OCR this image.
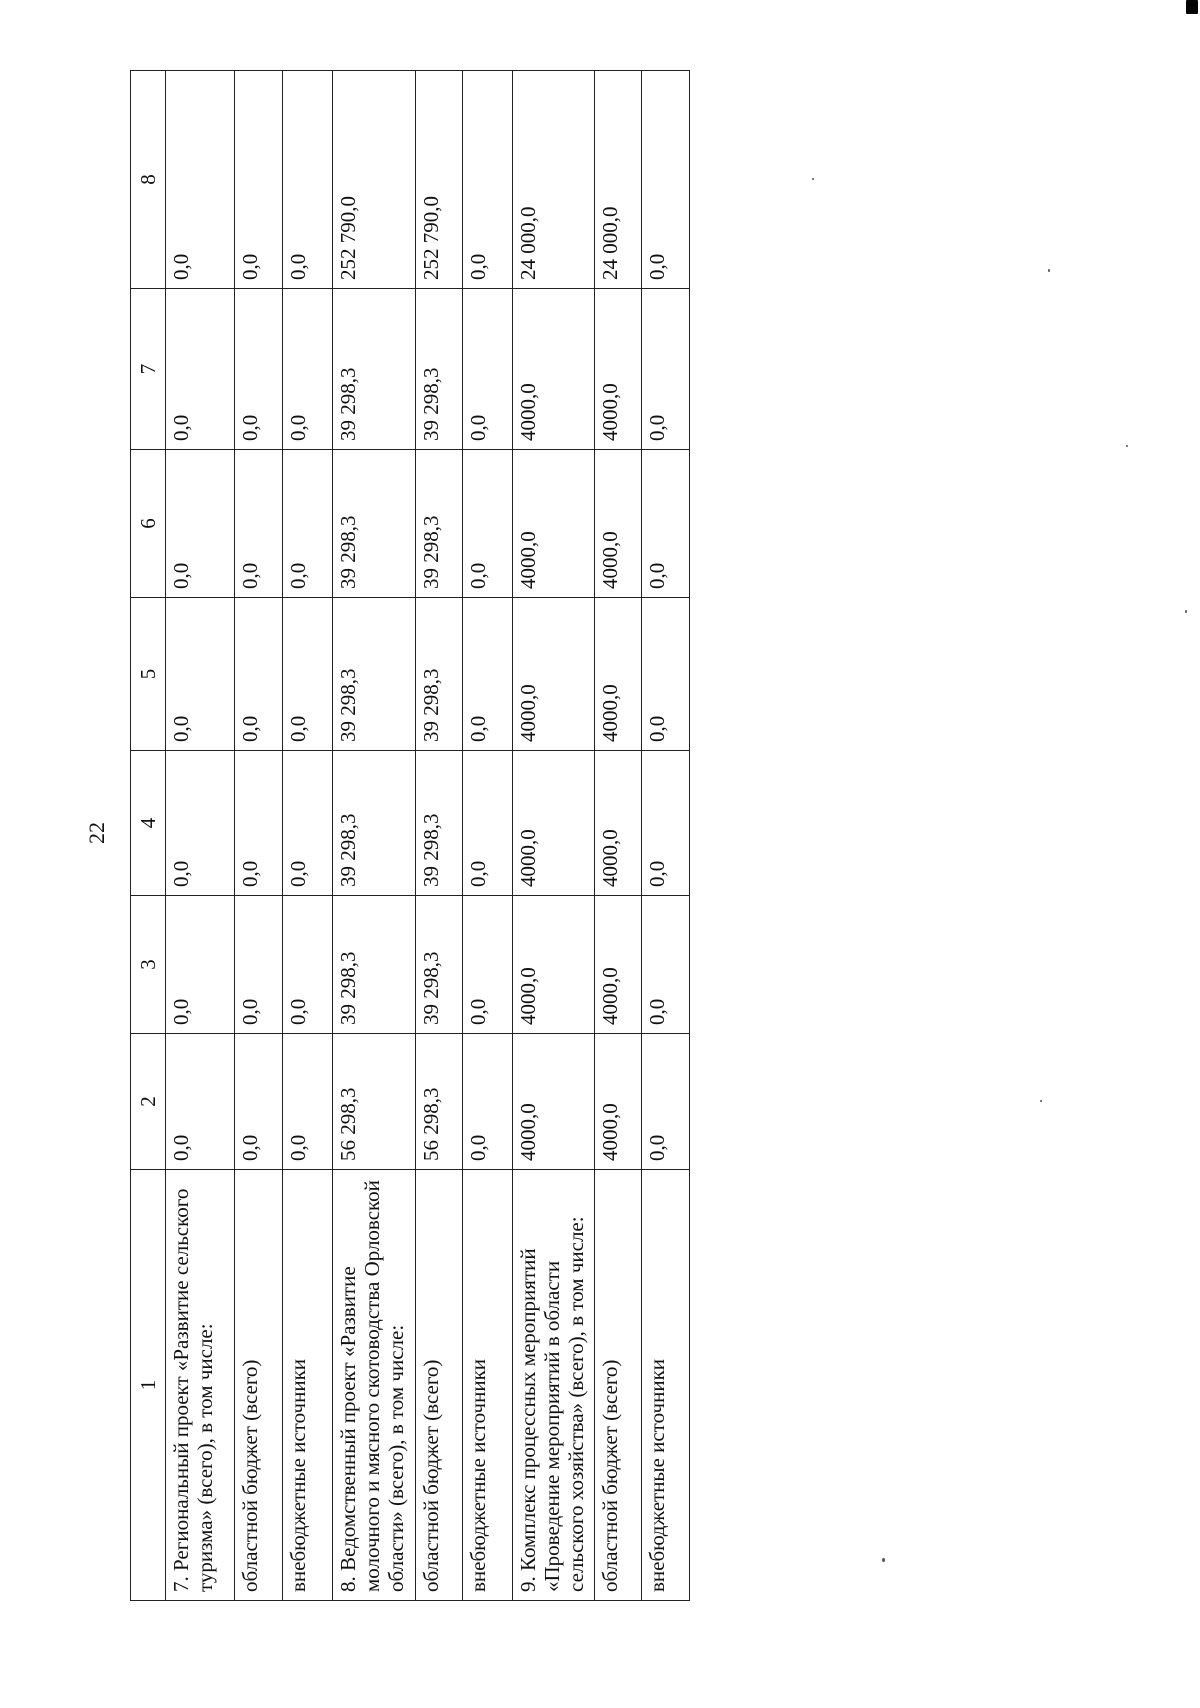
22
1	2	3	4	5	6	7	8
7. Региональный проект «Развитие сельского туризма» (всего), в том числе:	0,0	0,0	0,0	0,0	0,0	0,0	0,0
областной бюджет (всего)	0,0	0,0	0,0	0,0	0,0	0,0	0,0
внебюджетные источники	0,0	0,0	0,0	0,0	0,0	0,0	0,0
8. Ведомственный проект «Развитие молочного и мясного скотоводства Орловской области» (всего), в том числе:	56 298,3	39 298,3	39 298,3	39 298,3	39 298,3	39 298,3	252 790,0
областной бюджет (всего)	56 298,3	39 298,3	39 298,3	39 298,3	39 298,3	39 298,3	252 790,0
внебюджетные источники	0,0	0,0	0,0	0,0	0,0	0,0	0,0
9. Комплекс процессных мероприятий «Проведение мероприятий в области сельского хозяйства» (всего), в том числе:	4000,0	4000,0	4000,0	4000,0	4000,0	4000,0	24 000,0
областной бюджет (всего)	4000,0	4000,0	4000,0	4000,0	4000,0	4000,0	24 000,0
внебюджетные источники	0,0	0,0	0,0	0,0	0,0	0,0	0,0
